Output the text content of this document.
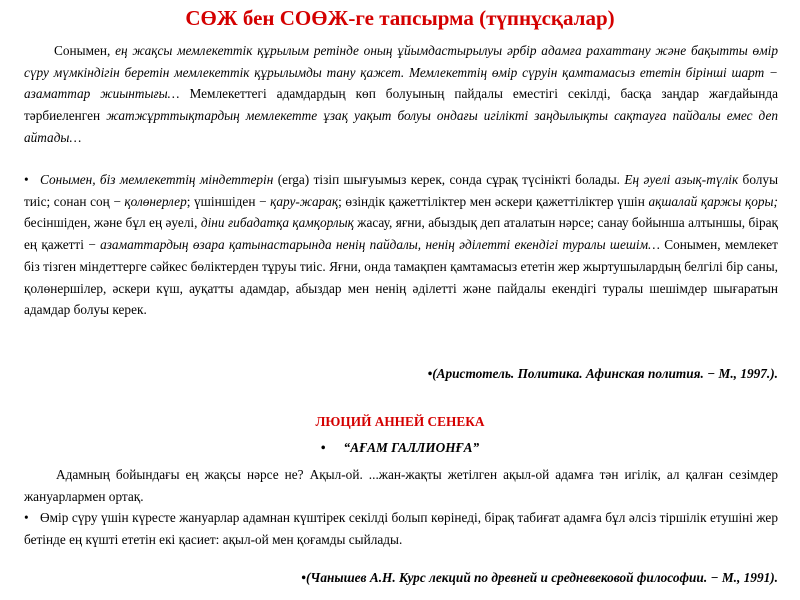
СӨЖ бен СОӨЖ-ге тапсырма (түпнұсқалар)
Сонымен, ең жақсы мемлекеттік құрылым ретінде оның ұйымдастырылуы әрбір адамға рахаттану және бақытты өмір сүру мүмкіндігін беретін мемлекеттік құрылымды тану қажет. Мемлекеттің өмір сүруін қамтамасыз ететін бірінші шарт − азаматтар жиынтығы… Мемлекеттегі адамдардың көп болуының пайдалы еместігі секілді, басқа заңдар жағдайында тәрбиеленген жатжұрттықтардың мемлекетте ұзақ уақыт болуы ондағы игілікті заңдылықты сақтауға пайдалы емес деп айтады…
• Сонымен, біз мемлекеттің міндеттерін (erga) тізіп шығуымыз керек, сонда сұрақ түсінікті болады. Ең әуелі азық-түлік болуы тиіс; сонан соң − қолөнерлер; үшіншіден − қару-жарақ; өзіндік қажеттіліктер мен әскери қажеттіліктер үшін ақшалай қаржы қоры; бесіншіден, және бұл ең әуелі, діни ғибадатқа қамқорлық жасау, яғни, абыздық деп аталатын нәрсе; санау бойынша алтыншы, бірақ ең қажетті − азаматтардың өзара қатынастарында ненің пайдалы, ненің әділетті екендігі туралы шешім… Сонымен, мемлекет біз тізген міндеттерге сәйкес бөліктерден тұруы тиіс. Яғни, онда тамақпен қамтамасыз ететін жер жыртушылардың белгілі бір саны, қолөнершілер, әскери күш, ауқатты адамдар, абыздар мен ненің әділетті және пайдалы екендігі туралы шешімдер шығаратын адамдар болуы керек.
•(Аристотель. Политика. Афинская полития. − М., 1997.).
ЛЮЦИЙ АННЕЙ СЕНЕКА
• “АҒАМ ГАЛЛИОНҒА”
Адамның бойындағы ең жақсы нәрсе не? Ақыл-ой. ...жан-жақты жетілген ақыл-ой адамға тән игілік, ал қалған сезімдер жануарлармен ортақ.
• Өмір сүру үшін күресте жануарлар адамнан күштірек секілді болып көрінеді, бірақ табиғат адамға бұл әлсіз тіршілік етушіні жер бетінде ең күшті ететін екі қасиет: ақыл-ой мен қоғамды сыйлады.
•(Чанышев А.Н. Курс лекций по древней и средневековой философии. − М., 1991).
